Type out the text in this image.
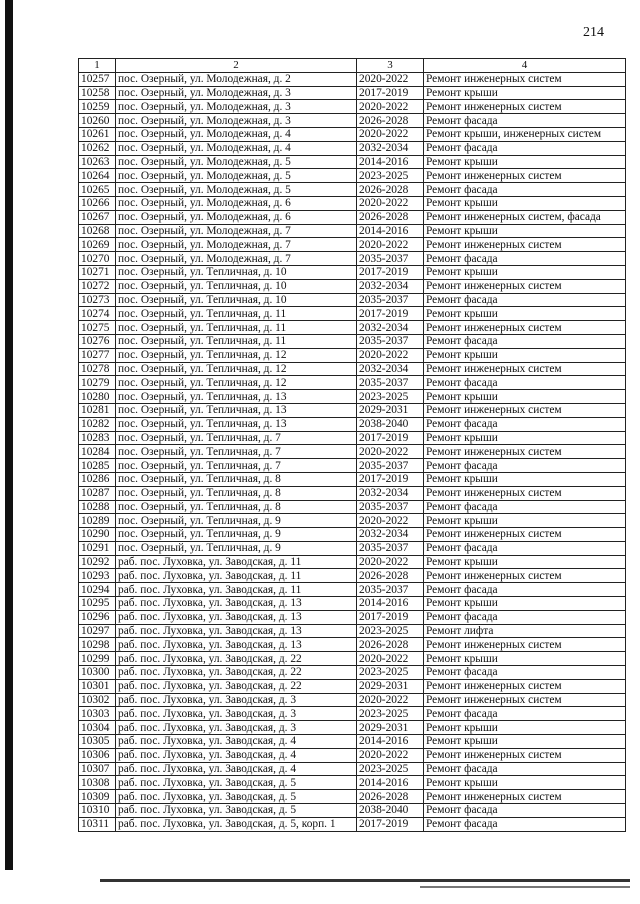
214
1	2	3	4
10257	пос. Озерный, ул. Молодежная, д. 2	2020-2022	Ремонт инженерных систем
10258	пос. Озерный, ул. Молодежная, д. 3	2017-2019	Ремонт крыши
10259	пос. Озерный, ул. Молодежная, д. 3	2020-2022	Ремонт инженерных систем
10260	пос. Озерный, ул. Молодежная, д. 3	2026-2028	Ремонт фасада
10261	пос. Озерный, ул. Молодежная, д. 4	2020-2022	Ремонт крыши, инженерных систем
10262	пос. Озерный, ул. Молодежная, д. 4	2032-2034	Ремонт фасада
10263	пос. Озерный, ул. Молодежная, д. 5	2014-2016	Ремонт крыши
10264	пос. Озерный, ул. Молодежная, д. 5	2023-2025	Ремонт инженерных систем
10265	пос. Озерный, ул. Молодежная, д. 5	2026-2028	Ремонт фасада
10266	пос. Озерный, ул. Молодежная, д. 6	2020-2022	Ремонт крыши
10267	пос. Озерный, ул. Молодежная, д. 6	2026-2028	Ремонт инженерных систем, фасада
10268	пос. Озерный, ул. Молодежная, д. 7	2014-2016	Ремонт крыши
10269	пос. Озерный, ул. Молодежная, д. 7	2020-2022	Ремонт инженерных систем
10270	пос. Озерный, ул. Молодежная, д. 7	2035-2037	Ремонт фасада
10271	пос. Озерный, ул. Тепличная, д. 10	2017-2019	Ремонт крыши
10272	пос. Озерный, ул. Тепличная, д. 10	2032-2034	Ремонт инженерных систем
10273	пос. Озерный, ул. Тепличная, д. 10	2035-2037	Ремонт фасада
10274	пос. Озерный, ул. Тепличная, д. 11	2017-2019	Ремонт крыши
10275	пос. Озерный, ул. Тепличная, д. 11	2032-2034	Ремонт инженерных систем
10276	пос. Озерный, ул. Тепличная, д. 11	2035-2037	Ремонт фасада
10277	пос. Озерный, ул. Тепличная, д. 12	2020-2022	Ремонт крыши
10278	пос. Озерный, ул. Тепличная, д. 12	2032-2034	Ремонт инженерных систем
10279	пос. Озерный, ул. Тепличная, д. 12	2035-2037	Ремонт фасада
10280	пос. Озерный, ул. Тепличная, д. 13	2023-2025	Ремонт крыши
10281	пос. Озерный, ул. Тепличная, д. 13	2029-2031	Ремонт инженерных систем
10282	пос. Озерный, ул. Тепличная, д. 13	2038-2040	Ремонт фасада
10283	пос. Озерный, ул. Тепличная, д. 7	2017-2019	Ремонт крыши
10284	пос. Озерный, ул. Тепличная, д. 7	2020-2022	Ремонт инженерных систем
10285	пос. Озерный, ул. Тепличная, д. 7	2035-2037	Ремонт фасада
10286	пос. Озерный, ул. Тепличная, д. 8	2017-2019	Ремонт крыши
10287	пос. Озерный, ул. Тепличная, д. 8	2032-2034	Ремонт инженерных систем
10288	пос. Озерный, ул. Тепличная, д. 8	2035-2037	Ремонт фасада
10289	пос. Озерный, ул. Тепличная, д. 9	2020-2022	Ремонт крыши
10290	пос. Озерный, ул. Тепличная, д. 9	2032-2034	Ремонт инженерных систем
10291	пос. Озерный, ул. Тепличная, д. 9	2035-2037	Ремонт фасада
10292	раб. пос. Луховка, ул. Заводская, д. 11	2020-2022	Ремонт крыши
10293	раб. пос. Луховка, ул. Заводская, д. 11	2026-2028	Ремонт инженерных систем
10294	раб. пос. Луховка, ул. Заводская, д. 11	2035-2037	Ремонт фасада
10295	раб. пос. Луховка, ул. Заводская, д. 13	2014-2016	Ремонт крыши
10296	раб. пос. Луховка, ул. Заводская, д. 13	2017-2019	Ремонт фасада
10297	раб. пос. Луховка, ул. Заводская, д. 13	2023-2025	Ремонт лифта
10298	раб. пос. Луховка, ул. Заводская, д. 13	2026-2028	Ремонт инженерных систем
10299	раб. пос. Луховка, ул. Заводская, д. 22	2020-2022	Ремонт крыши
10300	раб. пос. Луховка, ул. Заводская, д. 22	2023-2025	Ремонт фасада
10301	раб. пос. Луховка, ул. Заводская, д. 22	2029-2031	Ремонт инженерных систем
10302	раб. пос. Луховка, ул. Заводская, д. 3	2020-2022	Ремонт инженерных систем
10303	раб. пос. Луховка, ул. Заводская, д. 3	2023-2025	Ремонт фасада
10304	раб. пос. Луховка, ул. Заводская, д. 3	2029-2031	Ремонт крыши
10305	раб. пос. Луховка, ул. Заводская, д. 4	2014-2016	Ремонт крыши
10306	раб. пос. Луховка, ул. Заводская, д. 4	2020-2022	Ремонт инженерных систем
10307	раб. пос. Луховка, ул. Заводская, д. 4	2023-2025	Ремонт фасада
10308	раб. пос. Луховка, ул. Заводская, д. 5	2014-2016	Ремонт крыши
10309	раб. пос. Луховка, ул. Заводская, д. 5	2026-2028	Ремонт инженерных систем
10310	раб. пос. Луховка, ул. Заводская, д. 5	2038-2040	Ремонт фасада
10311	раб. пос. Луховка, ул. Заводская, д. 5, корп. 1	2017-2019	Ремонт фасада
